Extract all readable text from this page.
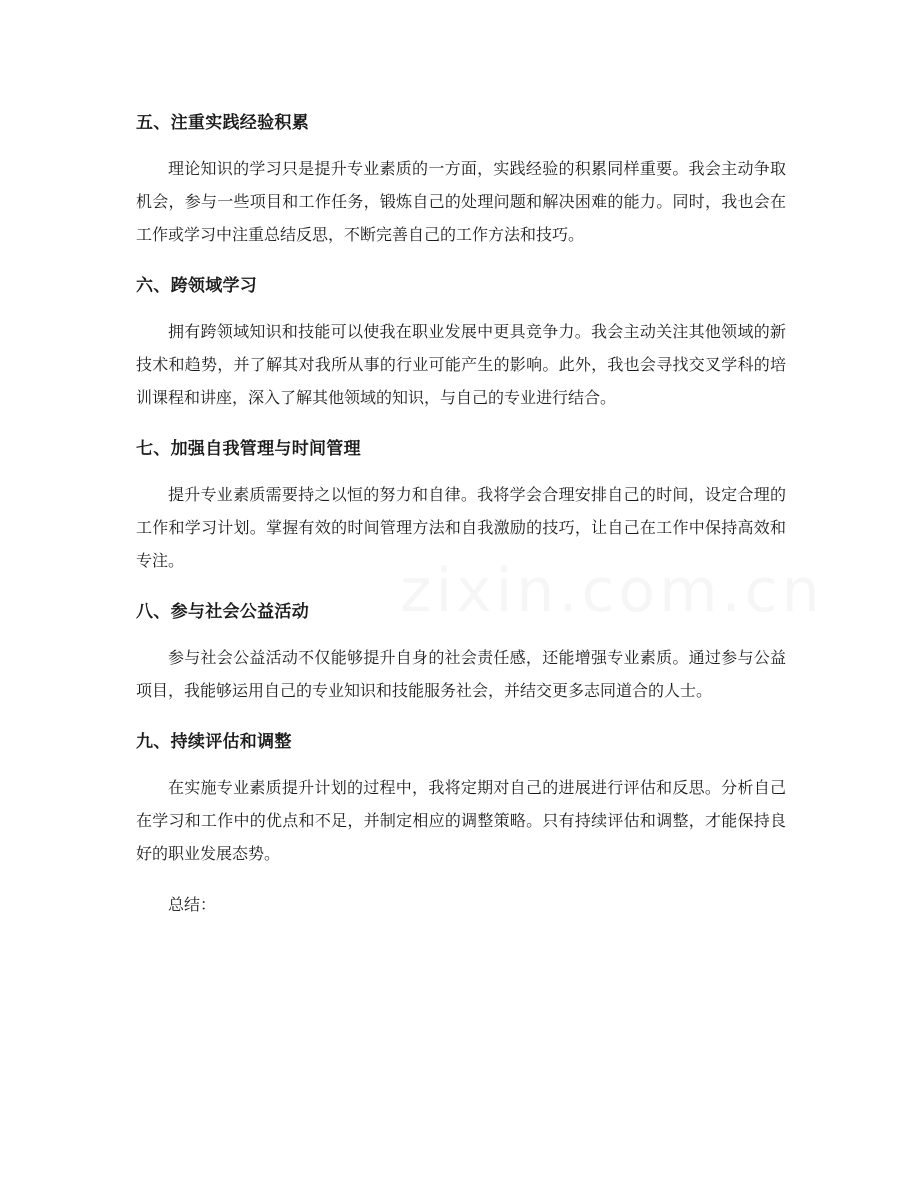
五、注重实践经验积累

理论知识的学习只是提升专业素质的一方面，实践经验的积累同样重要。我会主动争取机会，参与一些项目和工作任务，锻炼自己的处理问题和解决困难的能力。同时，我也会在工作或学习中注重总结反思，不断完善自己的工作方法和技巧。

六、跨领域学习

拥有跨领域知识和技能可以使我在职业发展中更具竞争力。我会主动关注其他领域的新技术和趋势，并了解其对我所从事的行业可能产生的影响。此外，我也会寻找交叉学科的培训课程和讲座，深入了解其他领域的知识，与自己的专业进行结合。

七、加强自我管理与时间管理

提升专业素质需要持之以恒的努力和自律。我将学会合理安排自己的时间，设定合理的工作和学习计划。掌握有效的时间管理方法和自我激励的技巧，让自己在工作中保持高效和专注。

八、参与社会公益活动

参与社会公益活动不仅能够提升自身的社会责任感，还能增强专业素质。通过参与公益项目，我能够运用自己的专业知识和技能服务社会，并结交更多志同道合的人士。

九、持续评估和调整

在实施专业素质提升计划的过程中，我将定期对自己的进展进行评估和反思。分析自己在学习和工作中的优点和不足，并制定相应的调整策略。只有持续评估和调整，才能保持良好的职业发展态势。

总结：
